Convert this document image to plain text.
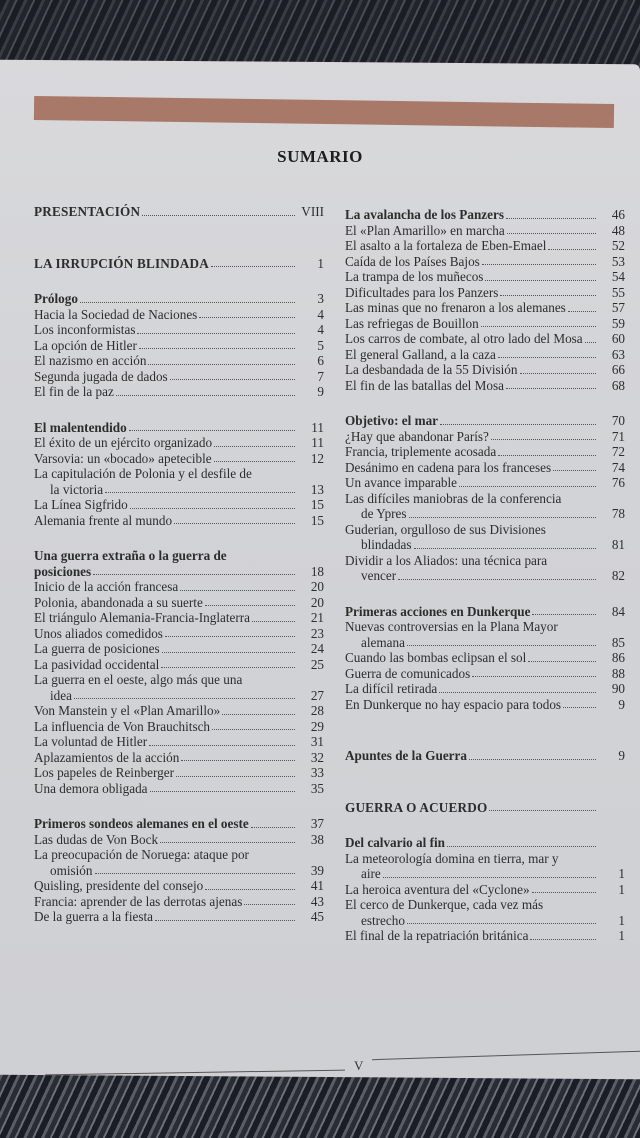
SUMARIO
PRESENTACIÓN	VIII
LA IRRUPCIÓN BLINDADA	1
Prólogo	3
Hacia la Sociedad de Naciones	4
Los inconformistas	4
La opción de Hitler	5
El nazismo en acción	6
Segunda jugada de dados	7
El fin de la paz	9
El malentendido	11
El éxito de un ejército organizado	11
Varsovia: un «bocado» apetecible	12
La capitulación de Polonia y el desfile de
la victoria	13
La Línea Sigfrido	15
Alemania frente al mundo	15
Una guerra extraña o la guerra de
posiciones	18
Inicio de la acción francesa	20
Polonia, abandonada a su suerte	20
El triángulo Alemania-Francia-Inglaterra	21
Unos aliados comedidos	23
La guerra de posiciones	24
La pasividad occidental	25
La guerra en el oeste, algo más que una
idea	27
Von Manstein y el «Plan Amarillo»	28
La influencia de Von Brauchitsch	29
La voluntad de Hitler	31
Aplazamientos de la acción	32
Los papeles de Reinberger	33
Una demora obligada	35
Primeros sondeos alemanes en el oeste	37
Las dudas de Von Bock	38
La preocupación de Noruega: ataque por
omisión	39
Quisling, presidente del consejo	41
Francia: aprender de las derrotas ajenas	43
De la guerra a la fiesta	45
La avalancha de los Panzers	46
El «Plan Amarillo» en marcha	48
El asalto a la fortaleza de Eben-Emael	52
Caída de los Países Bajos	53
La trampa de los muñecos	54
Dificultades para los Panzers	55
Las minas que no frenaron a los alemanes	57
Las refriegas de Bouillon	59
Los carros de combate, al otro lado del Mosa	60
El general Galland, a la caza	63
La desbandada de la 55 División	66
El fin de las batallas del Mosa	68
Objetivo: el mar	70
¿Hay que abandonar París?	71
Francia, triplemente acosada	72
Desánimo en cadena para los franceses	74
Un avance imparable	76
Las difíciles maniobras de la conferencia
de Ypres	78
Guderian, orgulloso de sus Divisiones
blindadas	81
Dividir a los Aliados: una técnica para
vencer	82
Primeras acciones en Dunkerque	84
Nuevas controversias en la Plana Mayor
alemana	85
Cuando las bombas eclipsan el sol	86
Guerra de comunicados	88
La difícil retirada	90
En Dunkerque no hay espacio para todos	9
Apuntes de la Guerra	9
GUERRA O ACUERDO
Del calvario al fin
La meteorología domina en tierra, mar y
aire	1
La heroica aventura del «Cyclone»	1
El cerco de Dunkerque, cada vez más
estrecho	1
El final de la repatriación británica	1
V
